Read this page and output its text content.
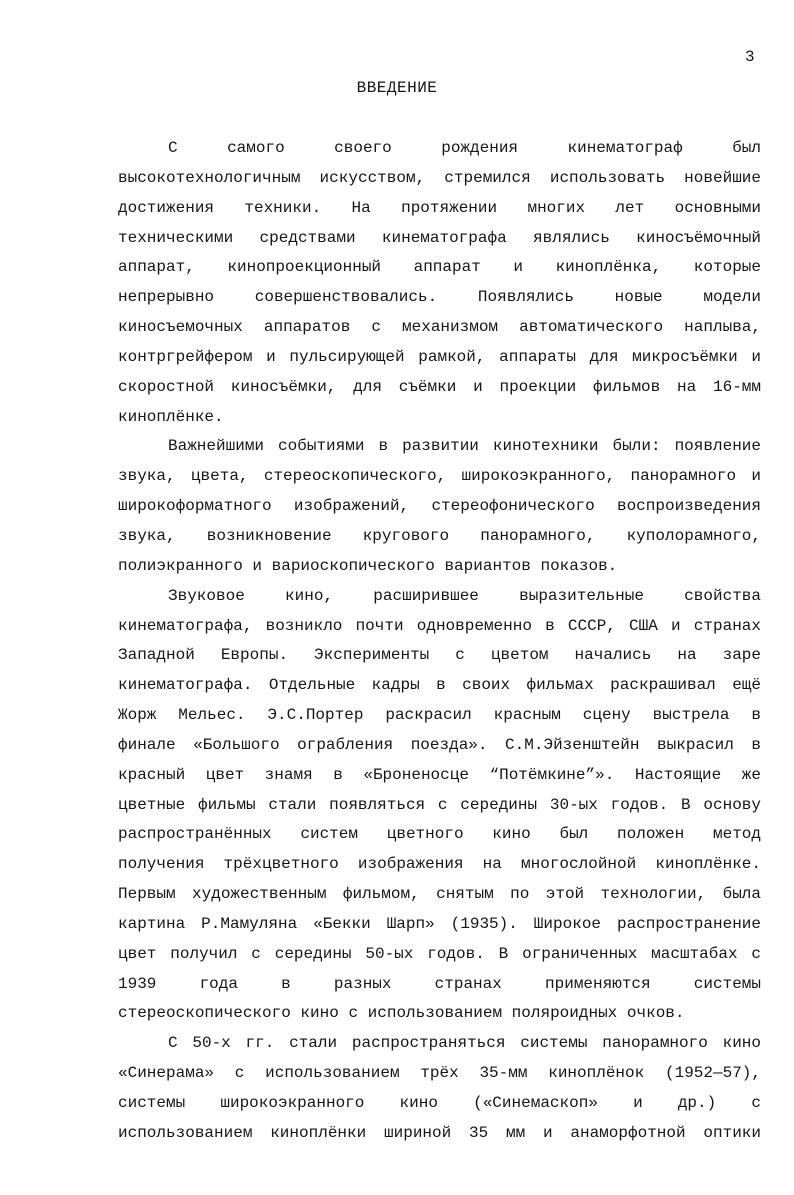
3
ВВЕДЕНИЕ
С самого своего рождения кинематограф был
высокотехнологичным искусством, стремился использовать новейшие
достижения техники. На протяжении многих лет основными
техническими средствами кинематографа являлись киносъёмочный
аппарат, кинопроекционный аппарат и киноплёнка, которые
непрерывно совершенствовались. Появлялись новые модели
киносъемочных аппаратов с механизмом автоматического наплыва,
контргрейфером и пульсирующей рамкой, аппараты для микросъёмки и
скоростной киносъёмки, для съёмки и проекции фильмов на 16-мм
киноплёнке.
Важнейшими событиями в развитии кинотехники были: появление
звука, цвета, стереоскопического, широкоэкранного, панорамного и
широкоформатного изображений, стереофонического воспроизведения
звука, возникновение кругового панорамного, куполорамного,
полиэкранного и вариоскопического вариантов показов.
Звуковое кино, расширившее выразительные свойства
кинематографа, возникло почти одновременно в СССР, США и странах
Западной Европы. Эксперименты с цветом начались на заре
кинематографа. Отдельные кадры в своих фильмах раскрашивал ещё
Жорж Мельес. Э.С.Портер раскрасил красным сцену выстрела в
финале «Большого ограбления поезда». С.М.Эйзенштейн выкрасил в
красный цвет знамя в «Броненосце “Потёмкине”». Настоящие же
цветные фильмы стали появляться с середины 30-ых годов. В основу
распространённых систем цветного кино был положен метод
получения трёхцветного изображения на многослойной киноплёнке.
Первым художественным фильмом, снятым по этой технологии, была
картина Р.Мамуляна «Бекки Шарп» (1935). Широкое распространение
цвет получил с середины 50-ых годов. В ограниченных масштабах с
1939 года в разных странах применяются системы
стереоскопического кино с использованием поляроидных очков.
С 50-х гг. стали распространяться системы панорамного кино
«Синерама» с использованием трёх 35-мм киноплёнок (1952—57),
системы широкоэкранного кино («Синемаскоп» и др.) с
использованием киноплёнки шириной 35 мм и анаморфотной оптики
